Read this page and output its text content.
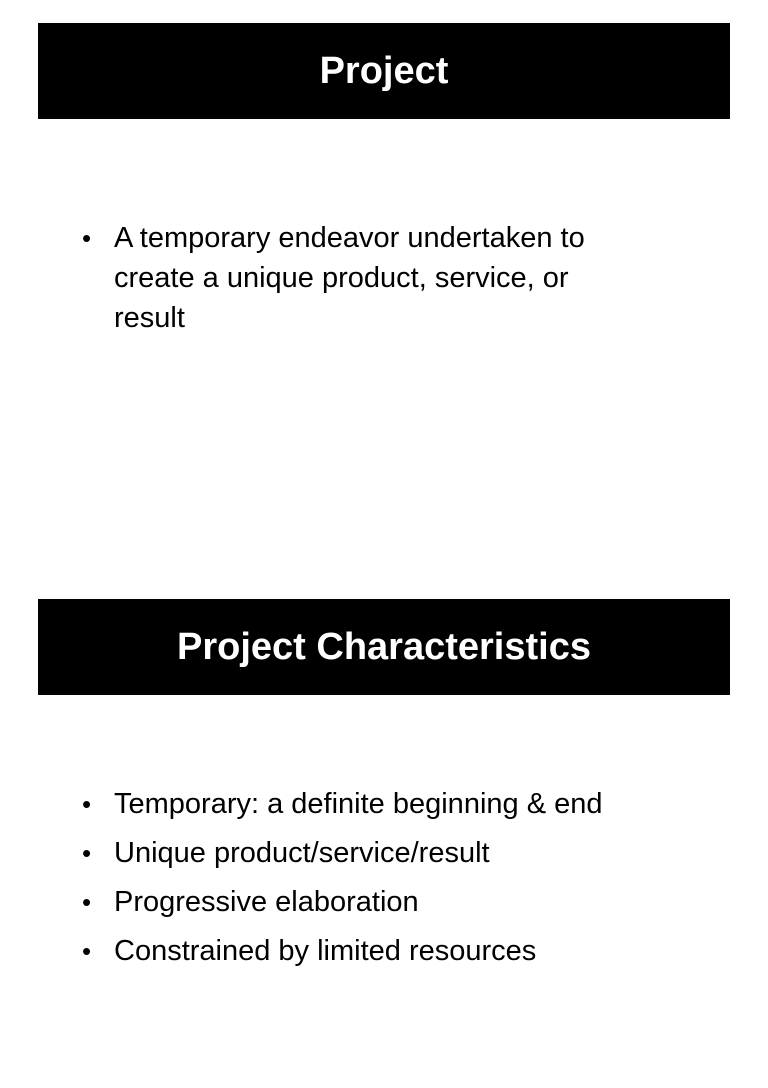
Project
• A temporary endeavor undertaken to create a unique product, service, or result
Project Characteristics
• Temporary: a definite beginning & end
• Unique product/service/result
• Progressive elaboration
• Constrained by limited resources
